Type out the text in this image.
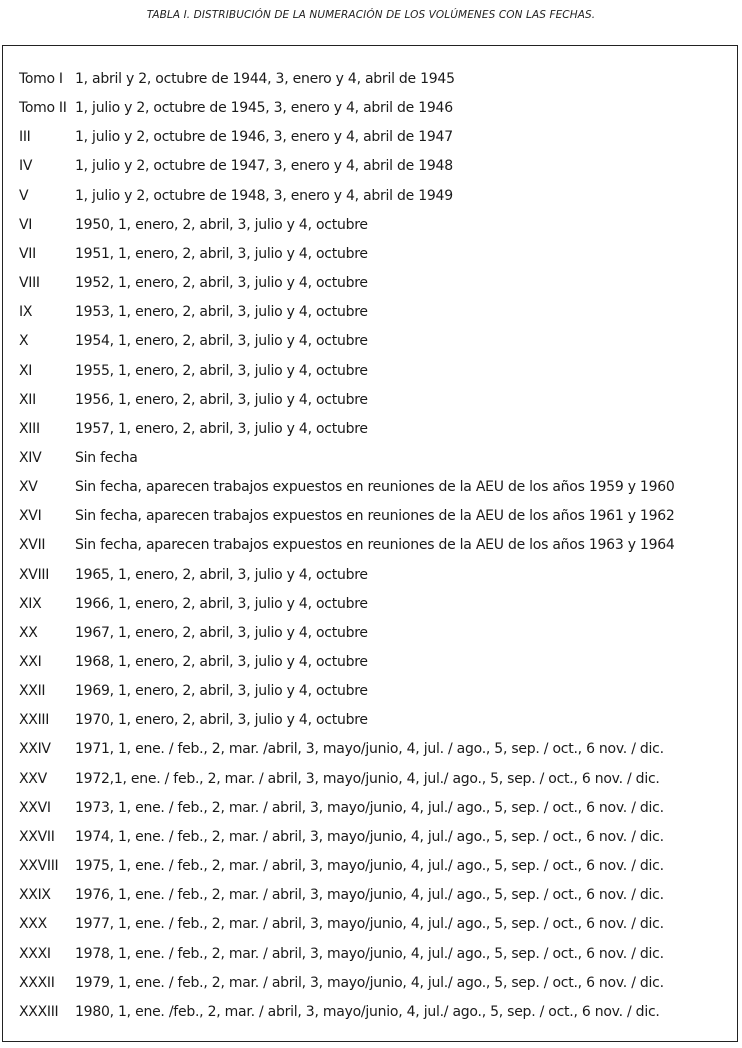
TABLA I. DISTRIBUCIÓN DE LA NUMERACIÓN DE LOS VOLÚMENES CON LAS FECHAS.
Tomo I 1, abril y 2, octubre de 1944, 3, enero y 4, abril de 1945
Tomo II 1, julio y 2, octubre de 1945, 3, enero y 4, abril de 1946
III	1, julio y 2, octubre de 1946, 3, enero y 4, abril de 1947
IV	1, julio y 2, octubre de 1947, 3, enero y 4, abril de 1948
V	1, julio y 2, octubre de 1948, 3, enero y 4, abril de 1949
VI	1950, 1, enero, 2, abril, 3, julio y 4, octubre
VII	1951, 1, enero, 2, abril, 3, julio y 4, octubre
VIII	1952, 1, enero, 2, abril, 3, julio y 4, octubre
IX	1953, 1, enero, 2, abril, 3, julio y 4, octubre
X	1954, 1, enero, 2, abril, 3, julio y 4, octubre
XI	1955, 1, enero, 2, abril, 3, julio y 4, octubre
XII	1956, 1, enero, 2, abril, 3, julio y 4, octubre
XIII	1957, 1, enero, 2, abril, 3, julio y 4, octubre
XIV Sin fecha
XV	Sin fecha, aparecen trabajos expuestos en reuniones de la AEU de los años 1959 y 1960
XVI Sin fecha, aparecen trabajos expuestos en reuniones de la AEU de los años 1961 y 1962
XVII Sin fecha, aparecen trabajos expuestos en reuniones de la AEU de los años 1963 y 1964
XVIII 1965, 1, enero, 2, abril, 3, julio y 4, octubre
XIX 1966, 1, enero, 2, abril, 3, julio y 4, octubre
XX	1967, 1, enero, 2, abril, 3, julio y 4, octubre
XXI 1968, 1, enero, 2, abril, 3, julio y 4, octubre
XXII 1969, 1, enero, 2, abril, 3, julio y 4, octubre
XXIII 1970, 1, enero, 2, abril, 3, julio y 4, octubre
XXIV 1971, 1, ene. / feb., 2, mar. /abril, 3, mayo/junio, 4, jul. / ago., 5, sep. / oct., 6 nov. / dic.
XXV 1972,1, ene. / feb., 2, mar. / abril, 3, mayo/junio, 4, jul./ ago., 5, sep. / oct., 6 nov. / dic.
XXVI 1973, 1, ene. / feb., 2, mar. / abril, 3, mayo/junio, 4, jul./ ago., 5, sep. / oct., 6 nov. / dic.
XXVII 1974, 1, ene. / feb., 2, mar. / abril, 3, mayo/junio, 4, jul./ ago., 5, sep. / oct., 6 nov. / dic.
XXVIII 1975, 1, ene. / feb., 2, mar. / abril, 3, mayo/junio, 4, jul./ ago., 5, sep. / oct., 6 nov. / dic.
XXIX 1976, 1, ene. / feb., 2, mar. / abril, 3, mayo/junio, 4, jul./ ago., 5, sep. / oct., 6 nov. / dic.
XXX 1977, 1, ene. / feb., 2, mar. / abril, 3, mayo/junio, 4, jul./ ago., 5, sep. / oct., 6 nov. / dic.
XXXI 1978, 1, ene. / feb., 2, mar. / abril, 3, mayo/junio, 4, jul./ ago., 5, sep. / oct., 6 nov. / dic.
XXXII 1979, 1, ene. / feb., 2, mar. / abril, 3, mayo/junio, 4, jul./ ago., 5, sep. / oct., 6 nov. / dic.
XXXIII 1980, 1, ene. /feb., 2, mar. / abril, 3, mayo/junio, 4, jul./ ago., 5, sep. / oct., 6 nov. / dic.
